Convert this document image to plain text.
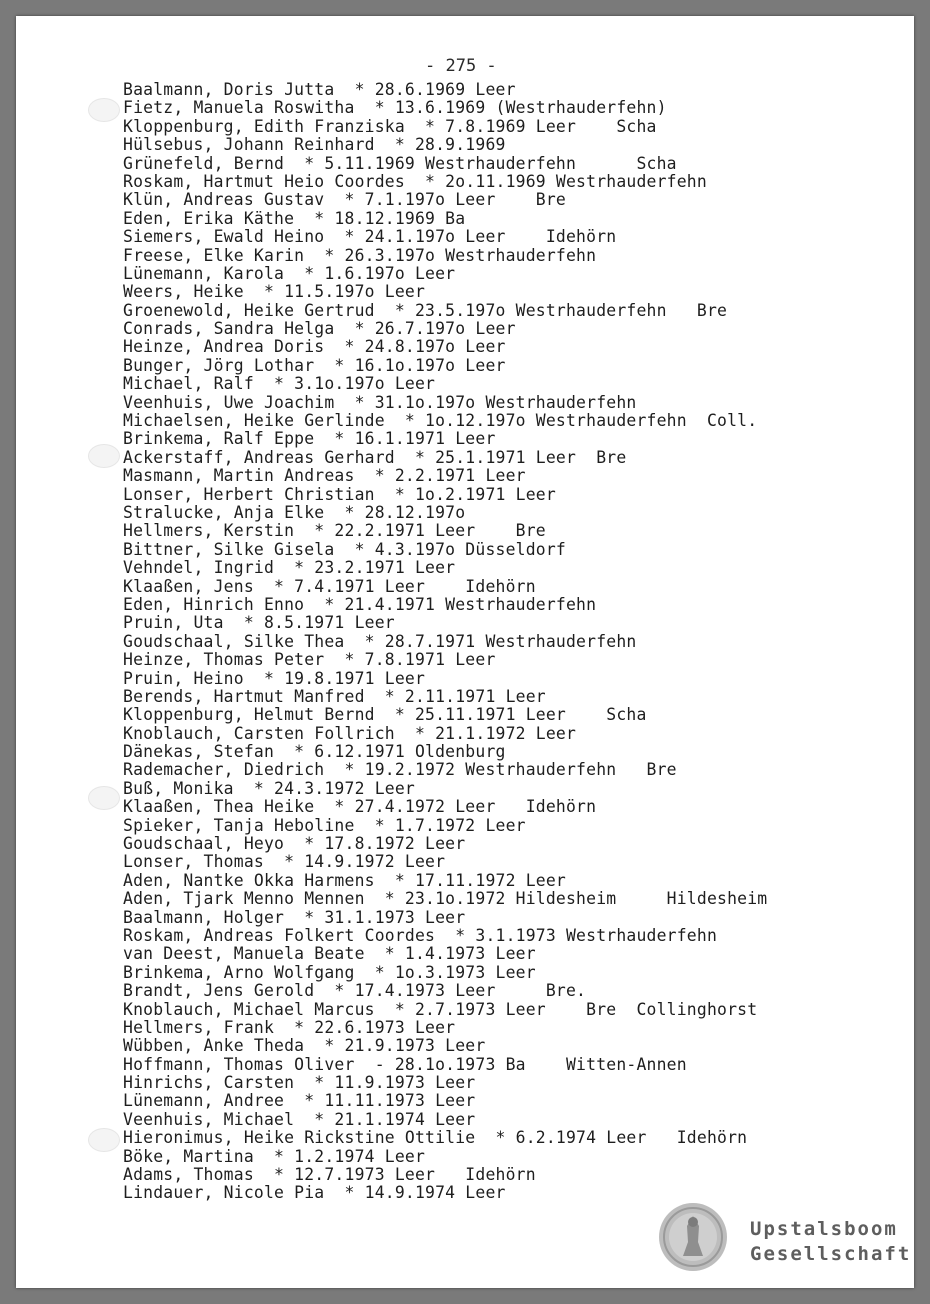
- 275 -
Baalmann, Doris Jutta  * 28.6.1969 Leer
Fietz, Manuela Roswitha  * 13.6.1969 (Westrhauderfehn)
Kloppenburg, Edith Franziska  * 7.8.1969 Leer    Scha
Hülsebus, Johann Reinhard  * 28.9.1969
Grünefeld, Bernd  * 5.11.1969 Westrhauderfehn      Scha
Roskam, Hartmut Heio Coordes  * 2o.11.1969 Westrhauderfehn
Klün, Andreas Gustav  * 7.1.197o Leer    Bre
Eden, Erika Käthe  * 18.12.1969 Ba
Siemers, Ewald Heino  * 24.1.197o Leer    Idehörn
Freese, Elke Karin  * 26.3.197o Westrhauderfehn
Lünemann, Karola  * 1.6.197o Leer
Weers, Heike  * 11.5.197o Leer
Groenewold, Heike Gertrud  * 23.5.197o Westrhauderfehn   Bre
Conrads, Sandra Helga  * 26.7.197o Leer
Heinze, Andrea Doris  * 24.8.197o Leer
Bunger, Jörg Lothar  * 16.1o.197o Leer
Michael, Ralf  * 3.1o.197o Leer
Veenhuis, Uwe Joachim  * 31.1o.197o Westrhauderfehn
Michaelsen, Heike Gerlinde  * 1o.12.197o Westrhauderfehn  Coll.
Brinkema, Ralf Eppe  * 16.1.1971 Leer
Ackerstaff, Andreas Gerhard  * 25.1.1971 Leer  Bre
Masmann, Martin Andreas  * 2.2.1971 Leer
Lonser, Herbert Christian  * 1o.2.1971 Leer
Stralucke, Anja Elke  * 28.12.197o
Hellmers, Kerstin  * 22.2.1971 Leer    Bre
Bittner, Silke Gisela  * 4.3.197o Düsseldorf
Vehndel, Ingrid  * 23.2.1971 Leer
Klaaßen, Jens  * 7.4.1971 Leer    Idehörn
Eden, Hinrich Enno  * 21.4.1971 Westrhauderfehn
Pruin, Uta  * 8.5.1971 Leer
Goudschaal, Silke Thea  * 28.7.1971 Westrhauderfehn
Heinze, Thomas Peter  * 7.8.1971 Leer
Pruin, Heino  * 19.8.1971 Leer
Berends, Hartmut Manfred  * 2.11.1971 Leer
Kloppenburg, Helmut Bernd  * 25.11.1971 Leer    Scha
Knoblauch, Carsten Follrich  * 21.1.1972 Leer
Dänekas, Stefan  * 6.12.1971 Oldenburg
Rademacher, Diedrich  * 19.2.1972 Westrhauderfehn   Bre
Buß, Monika  * 24.3.1972 Leer
Klaaßen, Thea Heike  * 27.4.1972 Leer   Idehörn
Spieker, Tanja Heboline  * 1.7.1972 Leer
Goudschaal, Heyo  * 17.8.1972 Leer
Lonser, Thomas  * 14.9.1972 Leer
Aden, Nantke Okka Harmens  * 17.11.1972 Leer
Aden, Tjark Menno Mennen  * 23.1o.1972 Hildesheim     Hildesheim
Baalmann, Holger  * 31.1.1973 Leer
Roskam, Andreas Folkert Coordes  * 3.1.1973 Westrhauderfehn
van Deest, Manuela Beate  * 1.4.1973 Leer
Brinkema, Arno Wolfgang  * 1o.3.1973 Leer
Brandt, Jens Gerold  * 17.4.1973 Leer     Bre.
Knoblauch, Michael Marcus  * 2.7.1973 Leer    Bre  Collinghorst
Hellmers, Frank  * 22.6.1973 Leer
Wübben, Anke Theda  * 21.9.1973 Leer
Hoffmann, Thomas Oliver  - 28.1o.1973 Ba    Witten-Annen
Hinrichs, Carsten  * 11.9.1973 Leer
Lünemann, Andree  * 11.11.1973 Leer
Veenhuis, Michael  * 21.1.1974 Leer
Hieronimus, Heike Rickstine Ottilie  * 6.2.1974 Leer   Idehörn
Böke, Martina  * 1.2.1974 Leer
Adams, Thomas  * 12.7.1973 Leer   Idehörn
Lindauer, Nicole Pia  * 14.9.1974 Leer
Upstalsboom
Gesellschaft
